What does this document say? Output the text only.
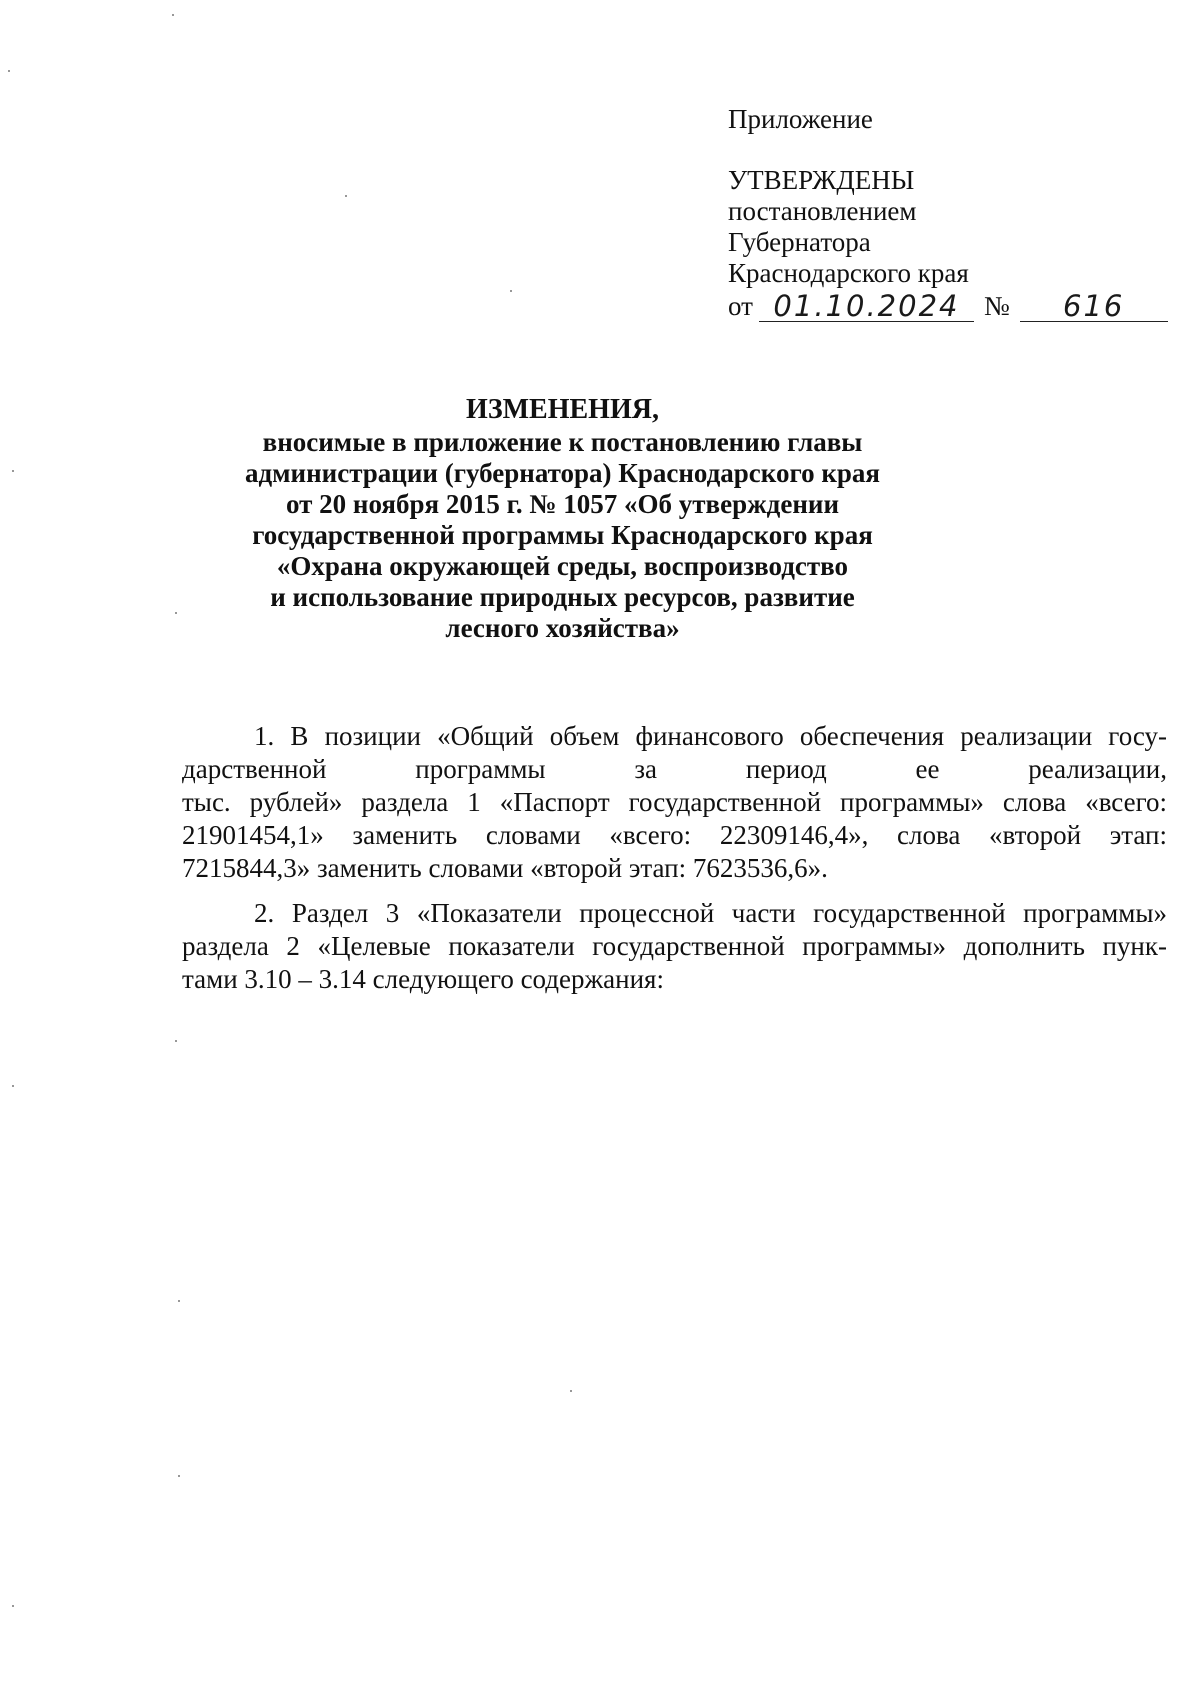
Приложение
УТВЕРЖДЕНЫ
постановлением
Губернатора
Краснодарского края
от 01.10.2024 №	616
ИЗМЕНЕНИЯ,
вносимые в приложение к постановлению главы
администрации (губернатора) Краснодарского края
от 20 ноября 2015 г. № 1057 «Об утверждении
государственной программы Краснодарского края
«Охрана окружающей среды, воспроизводство
и использование природных ресурсов, развитие
лесного хозяйства»
1. В позиции «Общий объем финансового обеспечения реализации госу-
дарственной программы за период ее реализации,
тыс. рублей» раздела 1 «Паспорт государственной программы» слова «всего:
21901454,1» заменить словами «всего: 22309146,4», слова «второй этап:
7215844,3» заменить словами «второй этап: 7623536,6».
2. Раздел 3 «Показатели процессной части государственной программы»
раздела 2 «Целевые показатели государственной программы» дополнить пунк-
тами 3.10 – 3.14 следующего содержания:
